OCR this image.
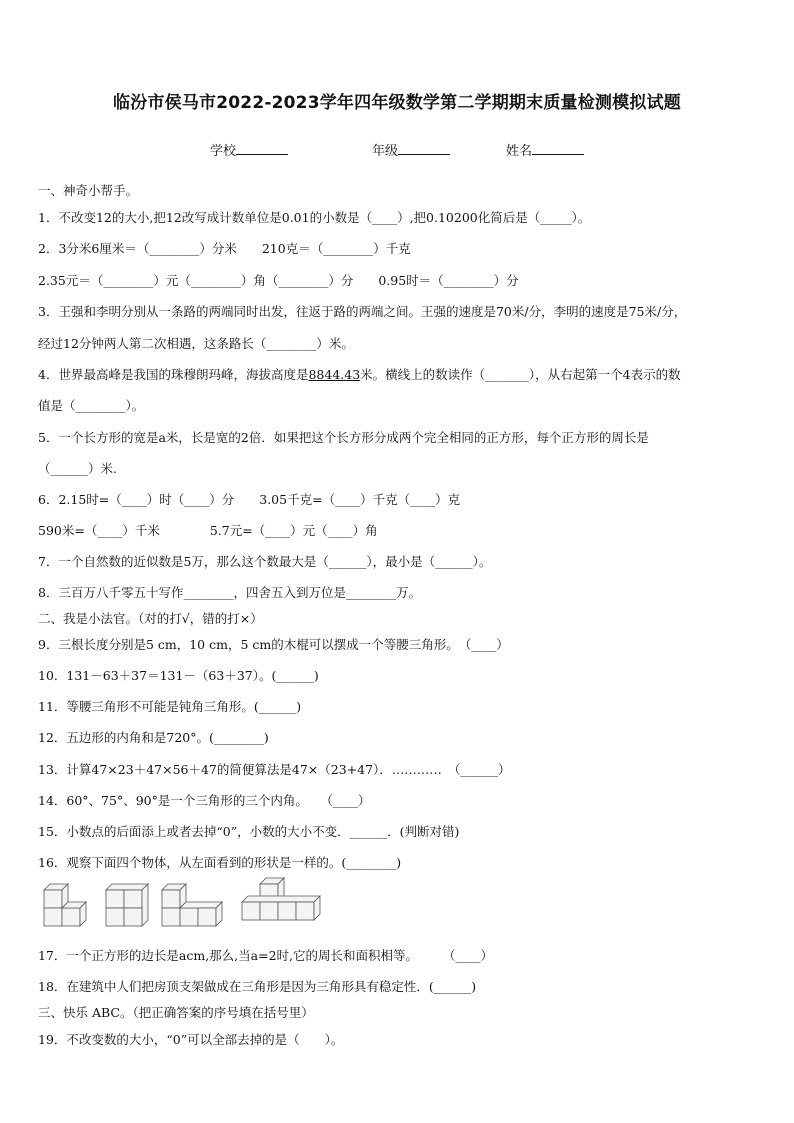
临汾市侯马市2022-2023学年四年级数学第二学期期末质量检测模拟试题
学校	年级	姓名
一、神奇小帮手。
1．不改变12的大小,把12改写成计数单位是0.01的小数是（____）,把0.10200化简后是（_____）。
2．3分米6厘米＝（________）分米　　210克＝（________）千克
2.35元＝（________）元（________）角（________）分　　0.95时＝（________）分
3．王强和李明分别从一条路的两端同时出发，往返于路的两端之间。王强的速度是70米/分，李明的速度是75米/分，
经过12分钟两人第二次相遇，这条路长（________）米。
4．世界最高峰是我国的珠穆朗玛峰，海拔高度是8844.43米。横线上的数读作（_______），从右起第一个4表示的数
值是（________）。
5．一个长方形的宽是a米，长是宽的2倍．如果把这个长方形分成两个完全相同的正方形，每个正方形的周长是
（______）米.
6．2.15时=（____）时（____）分　　3.05千克=（____）千克（____）克
590米=（____）千米　　　　5.7元=（____）元（____）角
7．一个自然数的近似数是5万，那么这个数最大是（______），最小是（______）。
8．三百万八千零五十写作________，四舍五入到万位是________万。
二、我是小法官。（对的打√，错的打×）
9．三根长度分别是5 cm，10 cm，5 cm的木棍可以摆成一个等腰三角形。　（____）
10．131－63＋37＝131－（63＋37）。(______)
11．等腰三角形不可能是钝角三角形。(______)
12．五边形的内角和是720°。(________)
13．计算47×23＋47×56＋47的简便算法是47×（23+47）．…………　（______）
14．60°、75°、90°是一个三角形的三个内角。　　（____）
15．小数点的后面添上或者去掉“0”，小数的大小不变．______．(判断对错)
16．观察下面四个物体，从左面看到的形状是一样的。(________)
17．一个正方形的边长是acm,那么,当a=2时,它的周长和面积相等。　　　（____）
18．在建筑中人们把房顶支架做成在三角形是因为三角形具有稳定性．(______)
三、快乐 ABC。（把正确答案的序号填在括号里）
19．不改变数的大小，“0”可以全部去掉的是（　　）。
